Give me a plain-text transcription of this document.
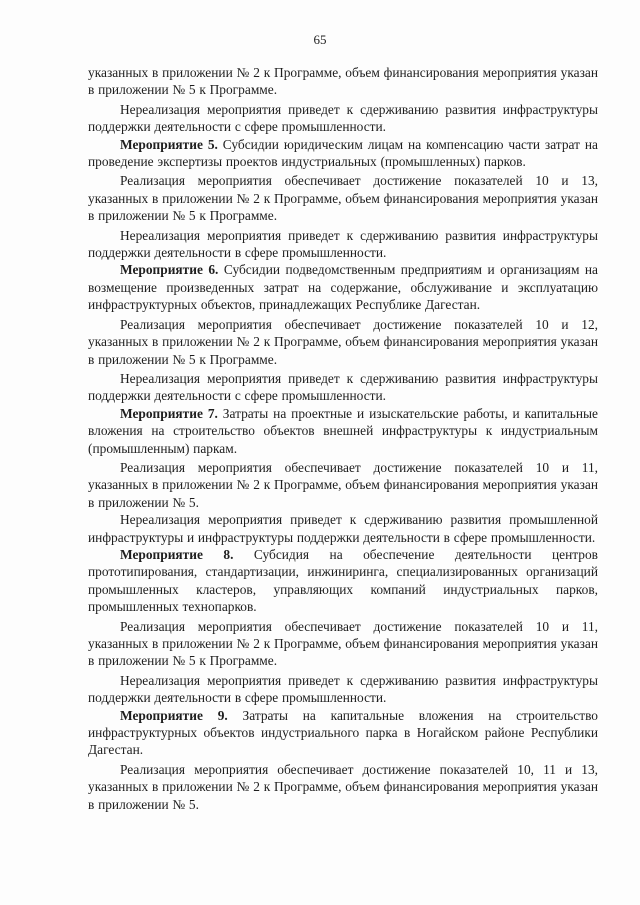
65

указанных в приложении № 2 к Программе, объем финансирования мероприятия указан в приложении № 5 к Программе.

Нереализация мероприятия приведет к сдерживанию развития инфраструктуры поддержки деятельности с сфере промышленности.

Мероприятие 5. Субсидии юридическим лицам на компенсацию части затрат на проведение экспертизы проектов индустриальных (промышленных) парков.

Реализация мероприятия обеспечивает достижение показателей 10 и 13, указанных в приложении № 2 к Программе, объем финансирования мероприятия указан в приложении № 5 к Программе.

Нереализация мероприятия приведет к сдерживанию развития инфраструктуры поддержки деятельности в сфере промышленности.

Мероприятие 6. Субсидии подведомственным предприятиям и организациям на возмещение произведенных затрат на содержание, обслуживание и эксплуатацию инфраструктурных объектов, принадлежащих Республике Дагестан.

Реализация мероприятия обеспечивает достижение показателей 10 и 12, указанных в приложении № 2 к Программе, объем финансирования мероприятия указан в приложении № 5 к Программе.

Нереализация мероприятия приведет к сдерживанию развития инфраструктуры поддержки деятельности с сфере промышленности.

Мероприятие 7. Затраты на проектные и изыскательские работы, и капитальные вложения на строительство объектов внешней инфраструктуры к индустриальным (промышленным) паркам.

Реализация мероприятия обеспечивает достижение показателей 10 и 11, указанных в приложении № 2 к Программе, объем финансирования мероприятия указан в приложении № 5.

Нереализация мероприятия приведет к сдерживанию развития промышленной инфраструктуры и инфраструктуры поддержки деятельности в сфере промышленности.

Мероприятие 8. Субсидия на обеспечение деятельности центров прототипирования, стандартизации, инжиниринга, специализированных организаций промышленных кластеров, управляющих компаний индустриальных парков, промышленных технопарков.

Реализация мероприятия обеспечивает достижение показателей 10 и 11, указанных в приложении № 2 к Программе, объем финансирования мероприятия указан в приложении № 5 к Программе.

Нереализация мероприятия приведет к сдерживанию развития инфраструктуры поддержки деятельности в сфере промышленности.

Мероприятие 9. Затраты на капитальные вложения на строительство инфраструктурных объектов индустриального парка в Ногайском районе Республики Дагестан.

Реализация мероприятия обеспечивает достижение показателей 10, 11 и 13, указанных в приложении № 2 к Программе, объем финансирования мероприятия указан в приложении № 5.
